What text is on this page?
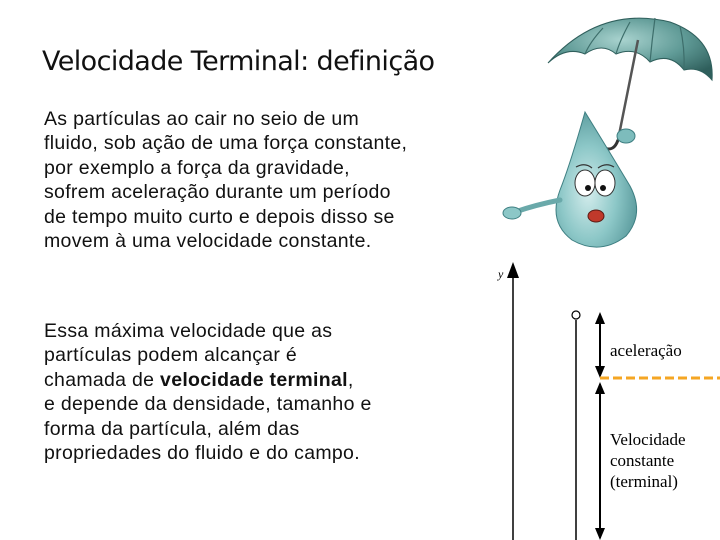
Velocidade Terminal: definição
As partículas ao cair no seio de um
fluido, sob ação de uma força constante,
por exemplo a força da gravidade,
sofrem aceleração durante um período
de tempo muito curto e depois disso se
movem à uma velocidade constante.
Essa máxima velocidade que as
partículas podem alcançar é
chamada de velocidade terminal,
e depende da densidade, tamanho e
forma da partícula, além das
propriedades do fluido e do campo.
y
aceleração
Velocidade
constante
(terminal)
